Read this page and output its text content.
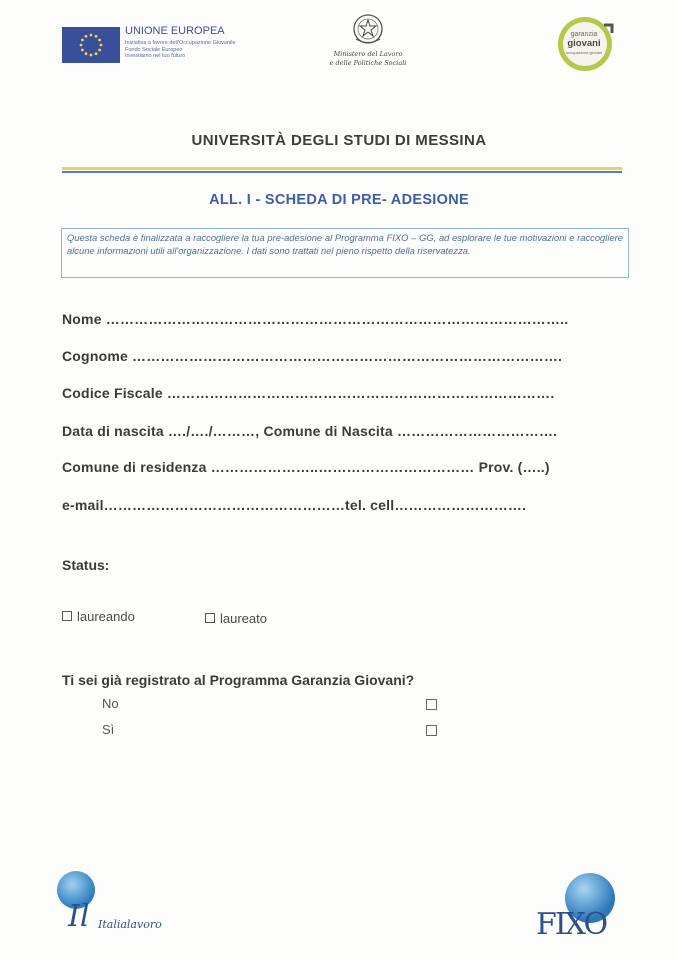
UNIONE EUROPEA
Iniziativa a favore dell'Occupazione Giovanile
Fondo Sociale Europeo
Investiamo nel tuo futuro	Ministero del Lavoro
e delle Politiche Sociali
garanzia
giovani
occupazione giovani
UNIVERSITÀ DEGLI STUDI DI MESSINA
ALL. I - SCHEDA DI PRE- ADESIONE
Questa scheda è finalizzata a raccogliere la tua pre-adesione al Programma FIXO – GG, ad esplorare le tue motivazioni e raccogliere alcune informazioni utili all'organizzazione. I dati sono trattati nel pieno rispetto della riservatezza.
Nome ……………………………………………………………………………………..
Cognome ……………………………………………………………………………….
Codice Fiscale ……………………………………………………………………….
Data di nascita …./…./………, Comune di Nascita …………………………….
Comune di residenza …………………..…………………………… Prov. (…..)
e-mail……………………………………………tel. cell……………………….
Status:
laureando	laureato
Ti sei già registrato al Programma Garanzia Giovani?
No
Sì
Il Italialavoro	FIXO
